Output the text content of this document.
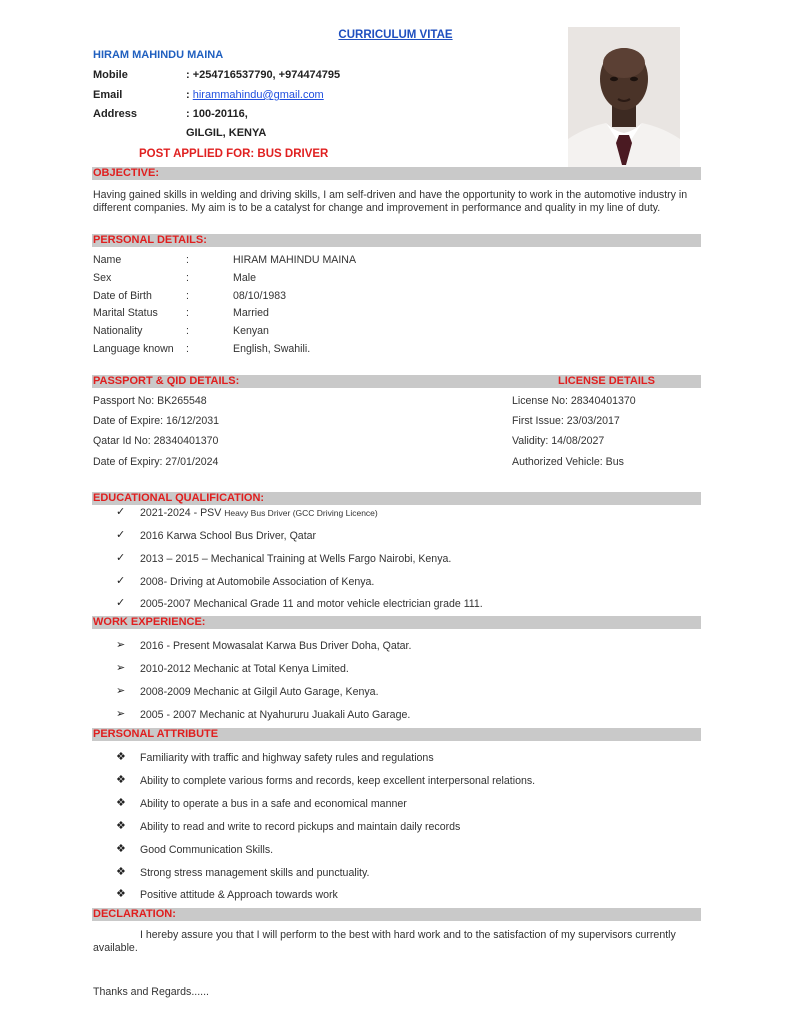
CURRICULUM VITAE
HIRAM MAHINDU MAINA
Mobile	: +254716537790, +974474795
Email	: hirammahindu@gmail.com
Address	: 100-20116,
GILGIL, KENYA
POST APPLIED FOR: BUS DRIVER
OBJECTIVE:
Having gained skills in welding and driving skills, I am self-driven and have the opportunity to work in the automotive industry in different companies. My aim is to be a catalyst for change and improvement in performance and quality in my line of duty.
PERSONAL DETAILS:
Name	:	HIRAM MAHINDU MAINA
Sex	:	Male
Date of Birth	:	08/10/1983
Marital Status	:	Married
Nationality	:	Kenyan
Language known :	English, Swahili.
PASSPORT & QID DETAILS:	LICENSE DETAILS
Passport No: BK265548
Date of Expire: 16/12/2031
Qatar Id No: 28340401370
Date of Expiry: 27/01/2024
License No: 28340401370
First Issue: 23/03/2017
Validity: 14/08/2027
Authorized Vehicle: Bus
EDUCATIONAL QUALIFICATION:
✓ 2021-2024 - PSV Heavy Bus Driver (GCC Driving Licence)
✓ 2016 Karwa School Bus Driver, Qatar
✓ 2013 – 2015 – Mechanical Training at Wells Fargo Nairobi, Kenya.
✓ 2008- Driving at Automobile Association of Kenya.
✓ 2005-2007 Mechanical Grade 11 and motor vehicle electrician grade 111.
WORK EXPERIENCE:
➢ 2016 - Present Mowasalat Karwa Bus Driver Doha, Qatar.
➢ 2010-2012 Mechanic at Total Kenya Limited.
➢ 2008-2009 Mechanic at Gilgil Auto Garage, Kenya.
➢ 2005 - 2007 Mechanic at Nyahururu Juakali Auto Garage.
PERSONAL ATTRIBUTE
❖ Familiarity with traffic and highway safety rules and regulations
❖ Ability to complete various forms and records, keep excellent interpersonal relations.
❖ Ability to operate a bus in a safe and economical manner
❖ Ability to read and write to record pickups and maintain daily records
❖ Good Communication Skills.
❖ Strong stress management skills and punctuality.
❖ Positive attitude & Approach towards work
DECLARATION:
I hereby assure you that I will perform to the best with hard work and to the satisfaction of my supervisors currently available.
Thanks and Regards......
